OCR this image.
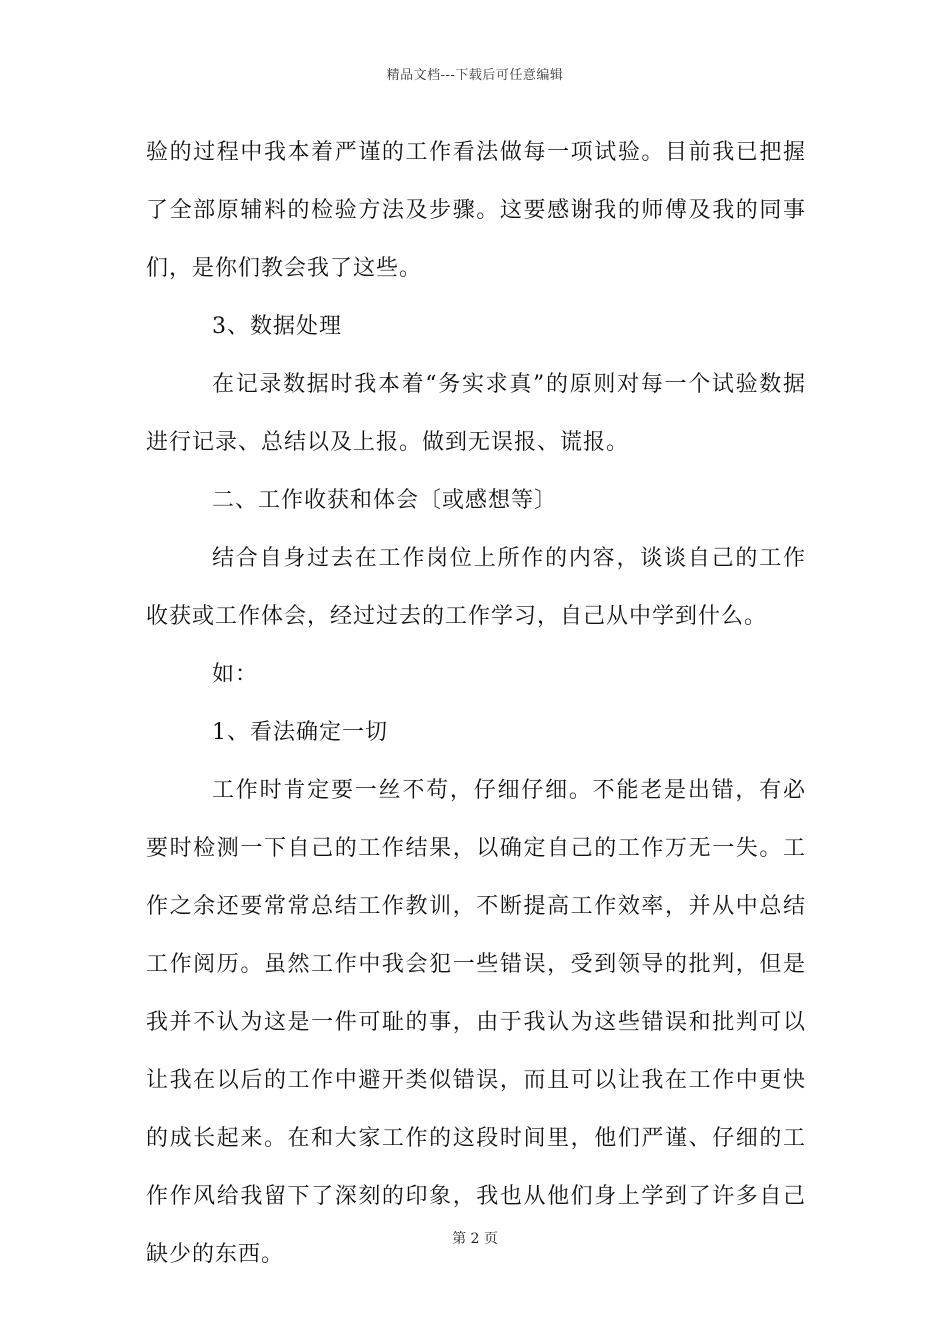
精品文档---下载后可任意编辑

验的过程中我本着严谨的工作看法做每一项试验。目前我已把握了全部原辅料的检验方法及步骤。这要感谢我的师傅及我的同事们，是你们教会我了这些。

3、数据处理

在记录数据时我本着“务实求真”的原则对每一个试验数据进行记录、总结以及上报。做到无误报、谎报。

二、工作收获和体会〔或感想等〕

结合自身过去在工作岗位上所作的内容，谈谈自己的工作收获或工作体会，经过过去的工作学习，自己从中学到什么。

如：

1、看法确定一切

工作时肯定要一丝不苟，仔细仔细。不能老是出错，有必要时检测一下自己的工作结果，以确定自己的工作万无一失。工作之余还要常常总结工作教训，不断提高工作效率，并从中总结工作阅历。虽然工作中我会犯一些错误，受到领导的批判，但是我并不认为这是一件可耻的事，由于我认为这些错误和批判可以让我在以后的工作中避开类似错误，而且可以让我在工作中更快的成长起来。在和大家工作的这段时间里，他们严谨、仔细的工作作风给我留下了深刻的印象，我也从他们身上学到了许多自己缺少的东西。

第 2 页
